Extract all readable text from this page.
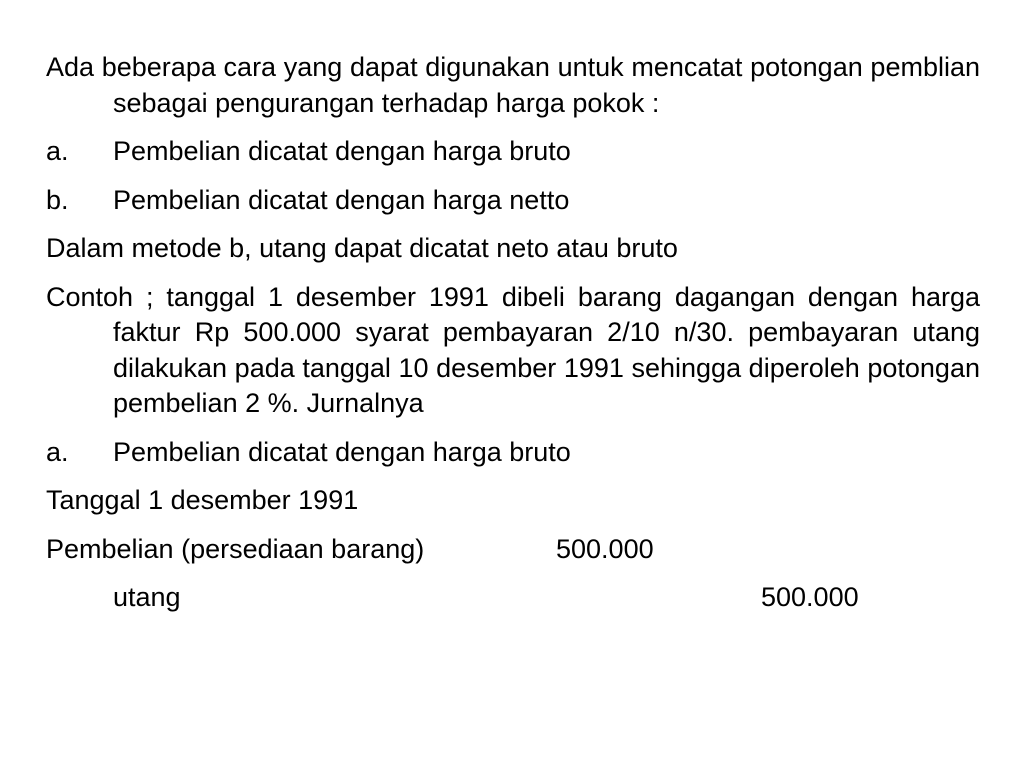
Ada beberapa cara yang dapat digunakan untuk mencatat potongan pemblian sebagai pengurangan terhadap harga pokok :

a.	Pembelian dicatat dengan harga bruto
b.	Pembelian dicatat dengan harga netto

Dalam metode b, utang dapat dicatat neto atau bruto

Contoh ; tanggal 1 desember 1991 dibeli barang dagangan dengan harga faktur Rp 500.000 syarat pembayaran 2/10 n/30. pembayaran utang dilakukan pada tanggal 10 desember 1991 sehingga diperoleh potongan pembelian 2 %. Jurnalnya

a.	Pembelian dicatat dengan harga bruto

Tanggal 1 desember 1991

Pembelian (persediaan barang)	500.000
utang	500.000
